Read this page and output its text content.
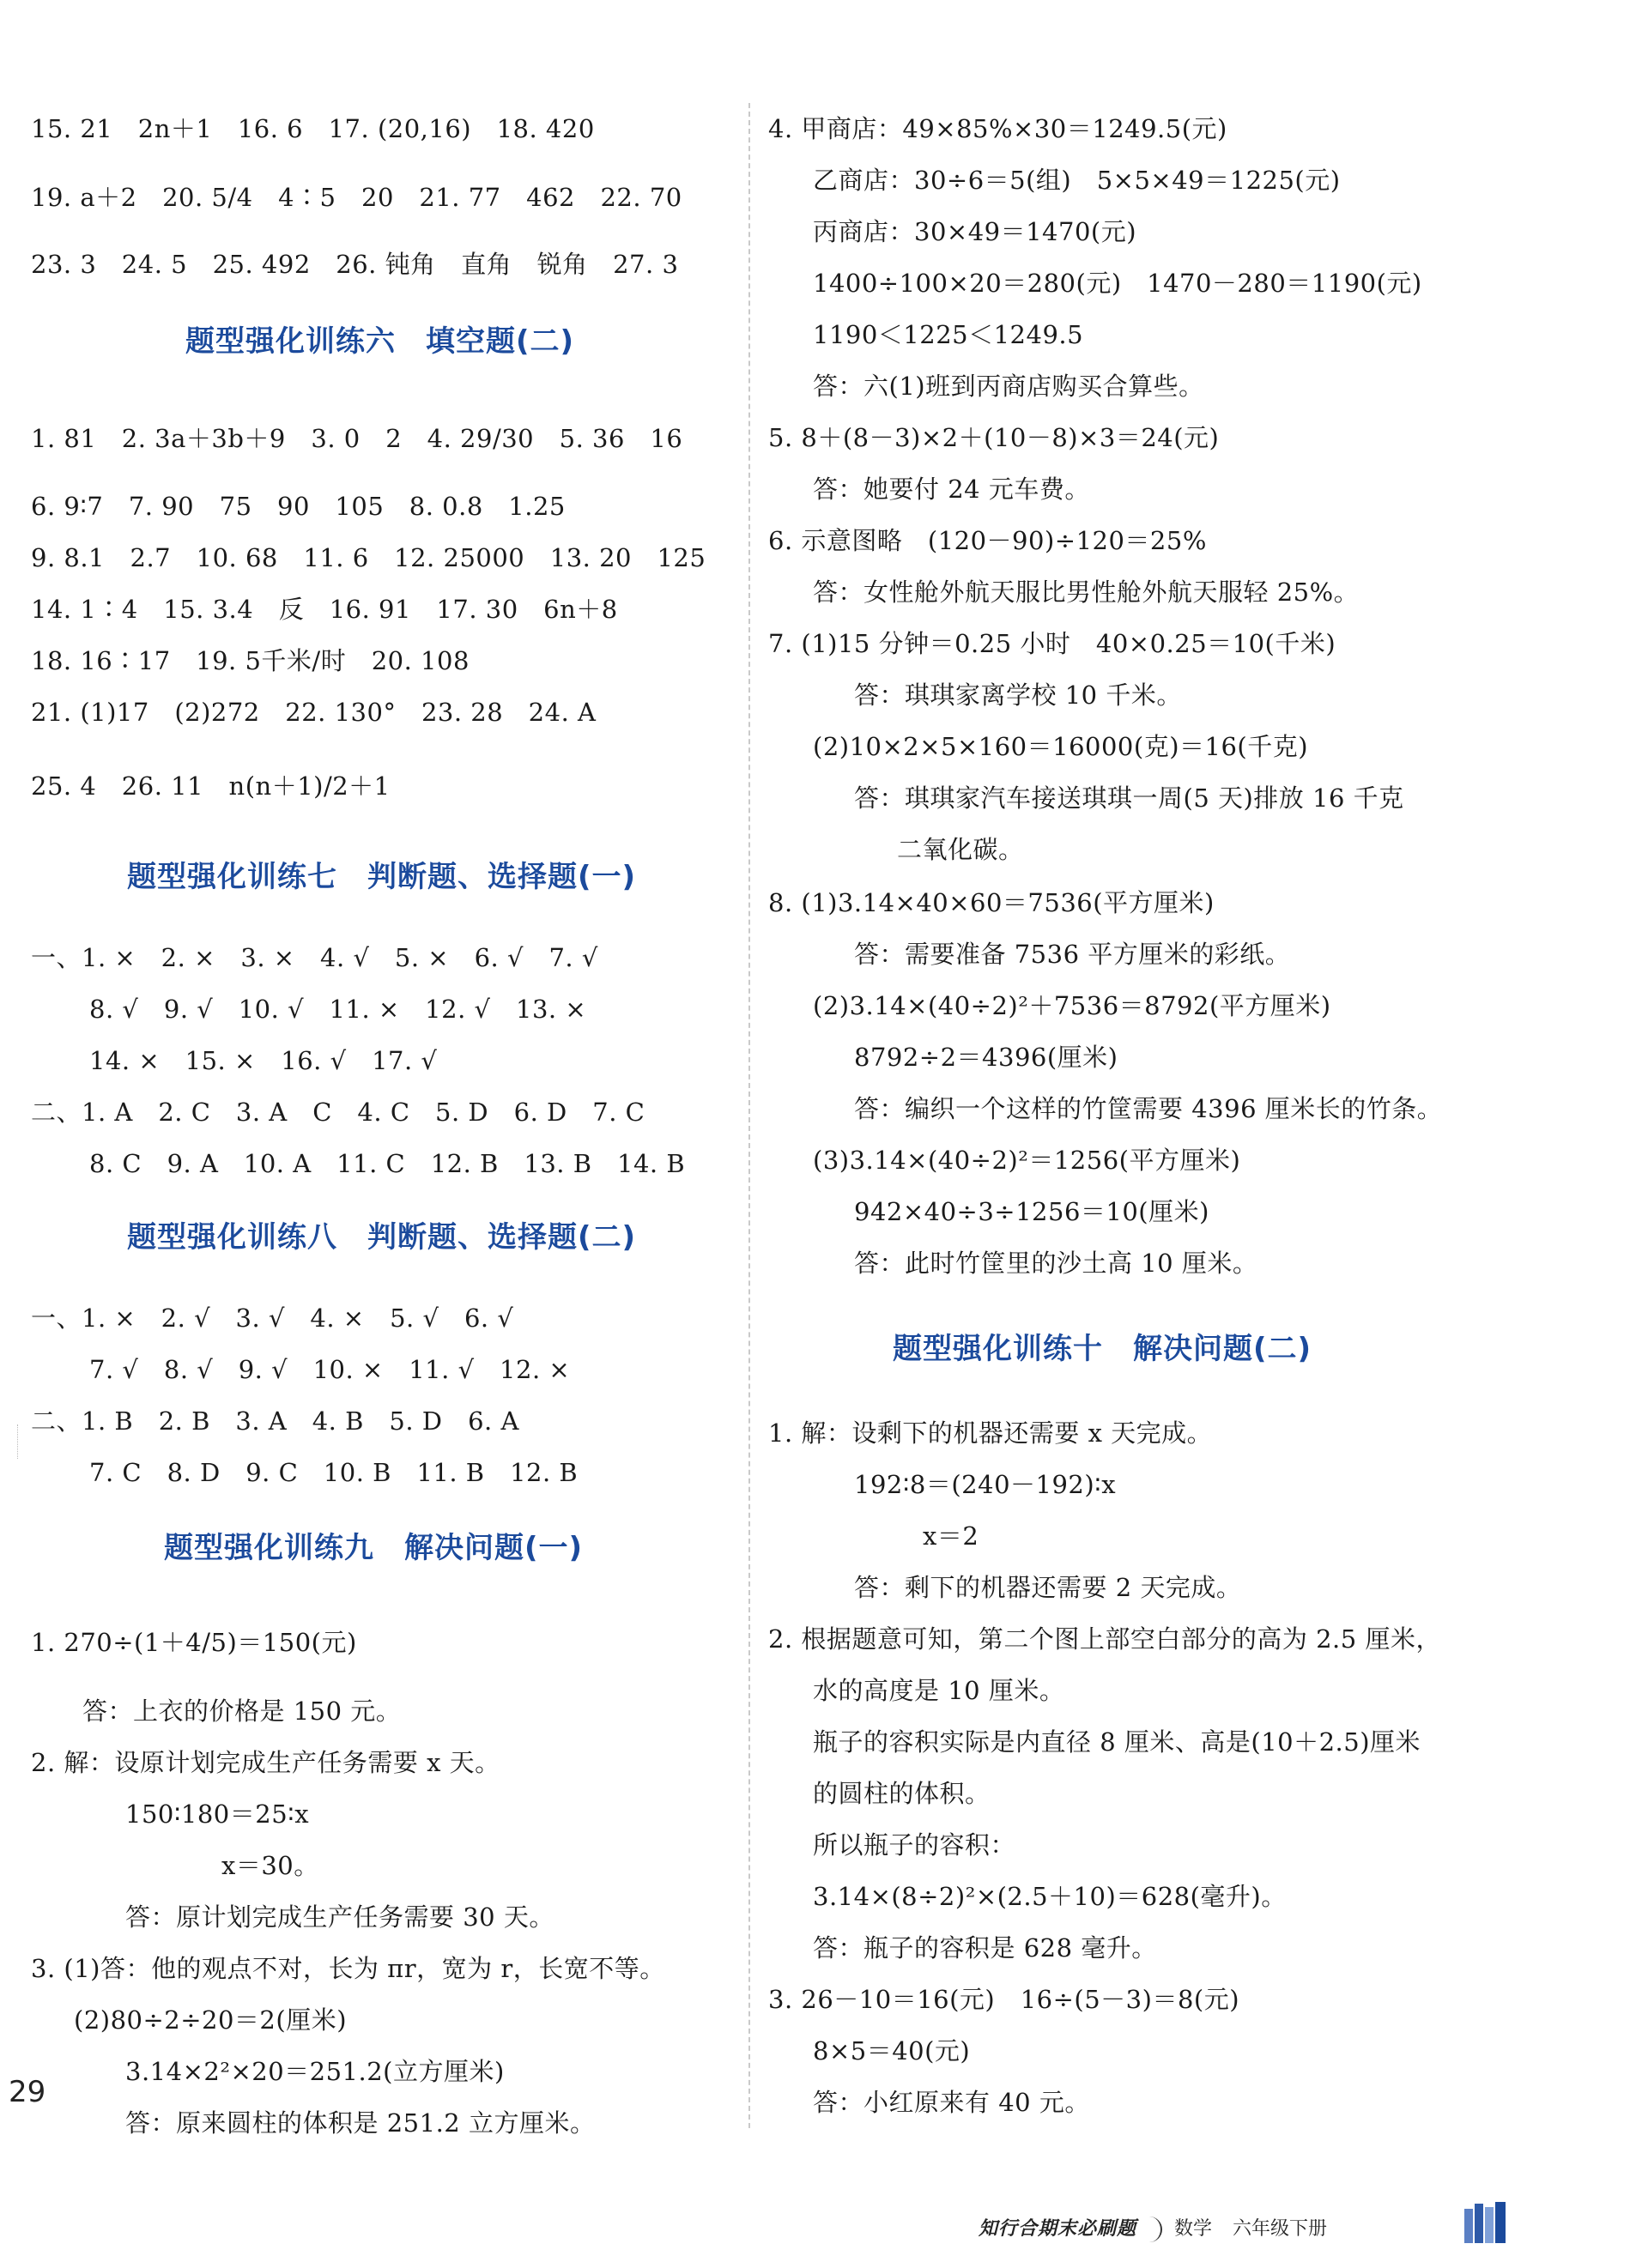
15. 21　2n＋1　16. 6　17. (20,16)　18. 420
19. a＋2　20. 5/4　4∶5　20　21. 77　462　22. 70
23. 3　24. 5　25. 492　26. 钝角　直角　锐角　27. 3
题型强化训练六　填空题(二)
1. 81　2. 3a＋3b＋9　3. 0　2　4. 29/30　5. 36　16
6. 9∶7　7. 90　75　90　105　8. 0.8　1.25
9. 8.1　2.7　10. 68　11. 6　12. 25000　13. 20　125
14. 1∶4　15. 3.4　反　16. 91　17. 30　6n＋8
18. 16∶17　19. 5千米/时　20. 108
21. (1)17　(2)272　22. 130°　23. 28　24. A
25. 4　26. 11　n(n＋1)/2＋1
题型强化训练七　判断题、选择题(一)
一、1. ×　2. ×　3. ×　4. √　5. ×　6. √　7. √
8. √　9. √　10. √　11. ×　12. √　13. ×
14. ×　15. ×　16. √　17. √
二、1. A　2. C　3. A　C　4. C　5. D　6. D　7. C
8. C　9. A　10. A　11. C　12. B　13. B　14. B
题型强化训练八　判断题、选择题(二)
一、1. ×　2. √　3. √　4. ×　5. √　6. √
7. √　8. √　9. √　10. ×　11. √　12. ×
二、1. B　2. B　3. A　4. B　5. D　6. A
7. C　8. D　9. C　10. B　11. B　12. B
题型强化训练九　解决问题(一)
1. 270÷(1＋4/5)＝150(元)
答：上衣的价格是 150 元。
2. 解：设原计划完成生产任务需要 x 天。
150∶180＝25∶x
x＝30。
答：原计划完成生产任务需要 30 天。
3. (1)答：他的观点不对，长为 πr，宽为 r，长宽不等。
(2)80÷2÷20＝2(厘米)
3.14×2²×20＝251.2(立方厘米)
答：原来圆柱的体积是 251.2 立方厘米。
4. 甲商店：49×85%×30＝1249.5(元)
乙商店：30÷6＝5(组)　5×5×49＝1225(元)
丙商店：30×49＝1470(元)
1400÷100×20＝280(元)　1470－280＝1190(元)
1190＜1225＜1249.5
答：六(1)班到丙商店购买合算些。
5. 8＋(8－3)×2＋(10－8)×3＝24(元)
答：她要付 24 元车费。
6. 示意图略　(120－90)÷120＝25%
答：女性舱外航天服比男性舱外航天服轻 25%。
7. (1)15 分钟＝0.25 小时　40×0.25＝10(千米)
答：琪琪家离学校 10 千米。
(2)10×2×5×160＝16000(克)＝16(千克)
答：琪琪家汽车接送琪琪一周(5 天)排放 16 千克
二氧化碳。
8. (1)3.14×40×60＝7536(平方厘米)
答：需要准备 7536 平方厘米的彩纸。
(2)3.14×(40÷2)²＋7536＝8792(平方厘米)
8792÷2＝4396(厘米)
答：编织一个这样的竹筐需要 4396 厘米长的竹条。
(3)3.14×(40÷2)²＝1256(平方厘米)
942×40÷3÷1256＝10(厘米)
答：此时竹筐里的沙土高 10 厘米。
题型强化训练十　解决问题(二)
1. 解：设剩下的机器还需要 x 天完成。
192∶8＝(240－192)∶x
x＝2
答：剩下的机器还需要 2 天完成。
2. 根据题意可知，第二个图上部空白部分的高为 2.5 厘米，
水的高度是 10 厘米。
瓶子的容积实际是内直径 8 厘米、高是(10＋2.5)厘米
的圆柱的体积。
所以瓶子的容积：
3.14×(8÷2)²×(2.5＋10)＝628(毫升)。
答：瓶子的容积是 628 毫升。
3. 26－10＝16(元)　16÷(5－3)＝8(元)
8×5＝40(元)
答：小红原来有 40 元。
29
知行合期末必刷题 数学 六年级下册
